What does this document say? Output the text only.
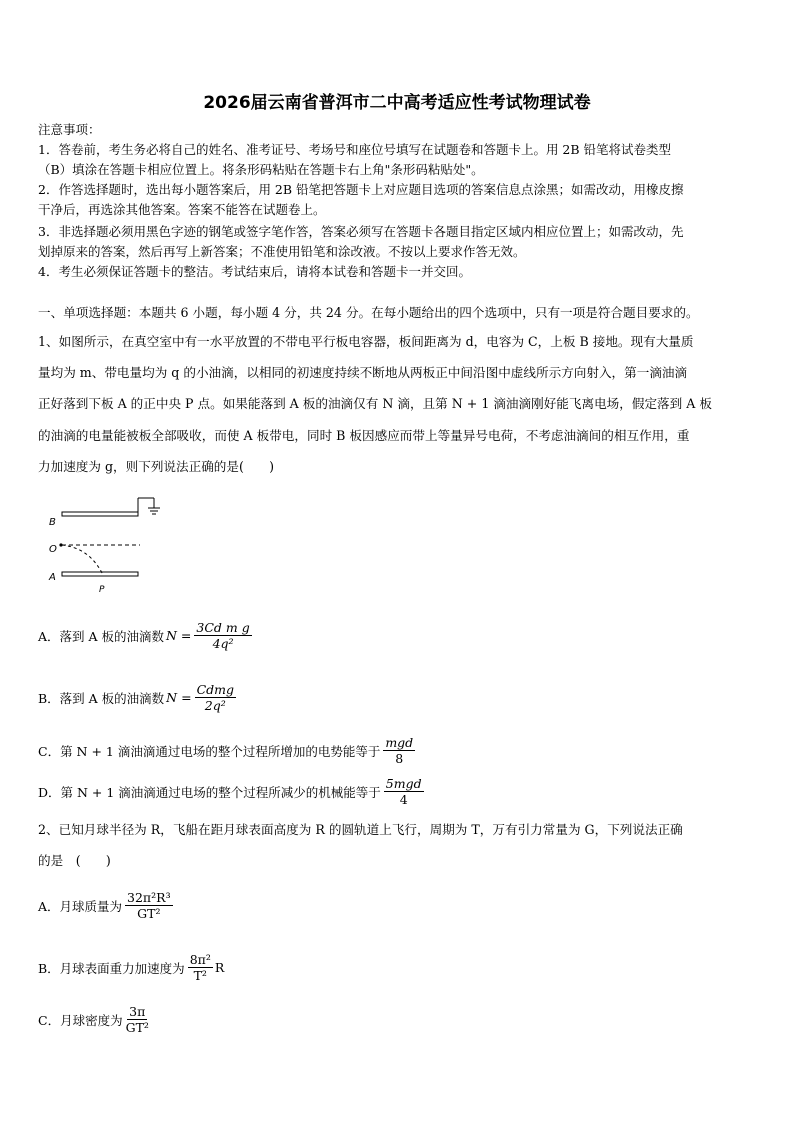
2026届云南省普洱市二中高考适应性考试物理试卷
注意事项：
1．答卷前，考生务必将自己的姓名、准考证号、考场号和座位号填写在试题卷和答题卡上。用 2B 铅笔将试卷类型
（B）填涂在答题卡相应位置上。将条形码粘贴在答题卡右上角"条形码粘贴处"。
2．作答选择题时，选出每小题答案后，用 2B 铅笔把答题卡上对应题目选项的答案信息点涂黑；如需改动，用橡皮擦
干净后，再选涂其他答案。答案不能答在试题卷上。
3．非选择题必须用黑色字迹的钢笔或签字笔作答，答案必须写在答题卡各题目指定区域内相应位置上；如需改动，先
划掉原来的答案，然后再写上新答案；不准使用铅笔和涂改液。不按以上要求作答无效。
4．考生必须保证答题卡的整洁。考试结束后，请将本试卷和答题卡一并交回。
一、单项选择题：本题共 6 小题，每小题 4 分，共 24 分。在每小题给出的四个选项中，只有一项是符合题目要求的。
1、如图所示，在真空室中有一水平放置的不带电平行板电容器，板间距离为 d，电容为 C，上板 B 接地。现有大量质
量均为 m、带电量均为 q 的小油滴，以相同的初速度持续不断地从两板正中间沿图中虚线所示方向射入，第一滴油滴
正好落到下板 A 的正中央 P 点。如果能落到 A 板的油滴仅有 N 滴，且第 N + 1 滴油滴刚好能飞离电场，假定落到 A 板
的油滴的电量能被板全部吸收，而使 A 板带电，同时 B 板因感应而带上等量异号电荷，不考虑油滴间的相互作用，重
力加速度为 g，则下列说法正确的是(　　)
B
O
A
P
A．落到 A 板的油滴数 $N = \frac{\text{3Cd m g}}{\text{4q²}}$
B．落到 A 板的油滴数 $N = \frac{\text{Cdmg}}{\text{2q²}}$
C．第 N + 1 滴油滴通过电场的整个过程所增加的电势能等于 $\frac{\text{mgd}}{8}$
D．第 N + 1 滴油滴通过电场的整个过程所减少的机械能等于 $\frac{\text{5mgd}}{4}$
2、已知月球半径为 R，飞船在距月球表面高度为 R 的圆轨道上飞行，周期为 T，万有引力常量为 G，下列说法正确
的是　(　　)
A．月球质量为 $\frac{\text{32π²R³}}{\text{GT²}}$
B．月球表面重力加速度为 $\frac{\text{8π²}}{\text{T²}}$ R
C．月球密度为 $\frac{3\pi}{\text{GT²}}$
